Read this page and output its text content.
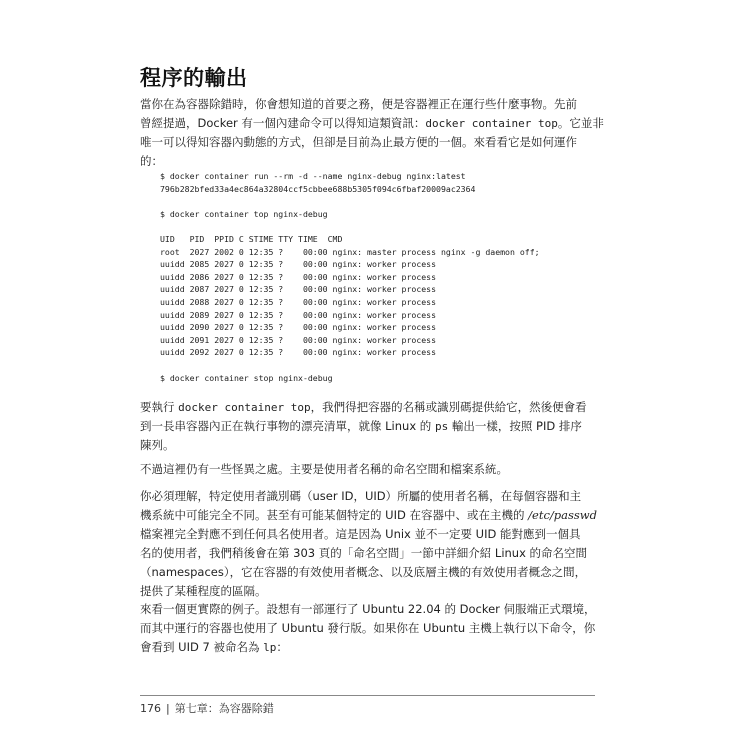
程序的輸出
當你在為容器除錯時，你會想知道的首要之務，便是容器裡正在運行些什麼事物。先前
曾經提過，Docker 有一個內建命令可以得知這類資訊：docker container top。它並非
唯一可以得知容器內動態的方式，但卻是目前為止最方便的一個。來看看它是如何運作
的：
$ docker container run --rm -d --name nginx-debug nginx:latest
796b282bfed33a4ec864a32804ccf5cbbee688b5305f094c6fbaf20009ac2364

$ docker container top nginx-debug

UID   PID  PPID C STIME TTY TIME  CMD
root  2027 2002 0 12:35 ?    00:00 nginx: master process nginx -g daemon off;
uuidd 2085 2027 0 12:35 ?    00:00 nginx: worker process
uuidd 2086 2027 0 12:35 ?    00:00 nginx: worker process
uuidd 2087 2027 0 12:35 ?    00:00 nginx: worker process
uuidd 2088 2027 0 12:35 ?    00:00 nginx: worker process
uuidd 2089 2027 0 12:35 ?    00:00 nginx: worker process
uuidd 2090 2027 0 12:35 ?    00:00 nginx: worker process
uuidd 2091 2027 0 12:35 ?    00:00 nginx: worker process
uuidd 2092 2027 0 12:35 ?    00:00 nginx: worker process

$ docker container stop nginx-debug
要執行 docker container top，我們得把容器的名稱或識別碼提供給它，然後便會看
到一長串容器內正在執行事物的漂亮清單，就像 Linux 的 ps 輸出一樣，按照 PID 排序
陳列。
不過這裡仍有一些怪異之處。主要是使用者名稱的命名空間和檔案系統。
你必須理解，特定使用者識別碼（user ID，UID）所屬的使用者名稱，在每個容器和主
機系統中可能完全不同。甚至有可能某個特定的 UID 在容器中、或在主機的 /etc/passwd
檔案裡完全對應不到任何具名使用者。這是因為 Unix 並不一定要 UID 能對應到一個具
名的使用者，我們稍後會在第 303 頁的「命名空間」一節中詳細介紹 Linux 的命名空間
（namespaces），它在容器的有效使用者概念、以及底層主機的有效使用者概念之間，
提供了某種程度的區隔。
來看一個更實際的例子。設想有一部運行了 Ubuntu 22.04 的 Docker 伺服端正式環境，
而其中運行的容器也使用了 Ubuntu 發行版。如果你在 Ubuntu 主機上執行以下命令，你
會看到 UID 7 被命名為 lp：
176 | 第七章：為容器除錯
